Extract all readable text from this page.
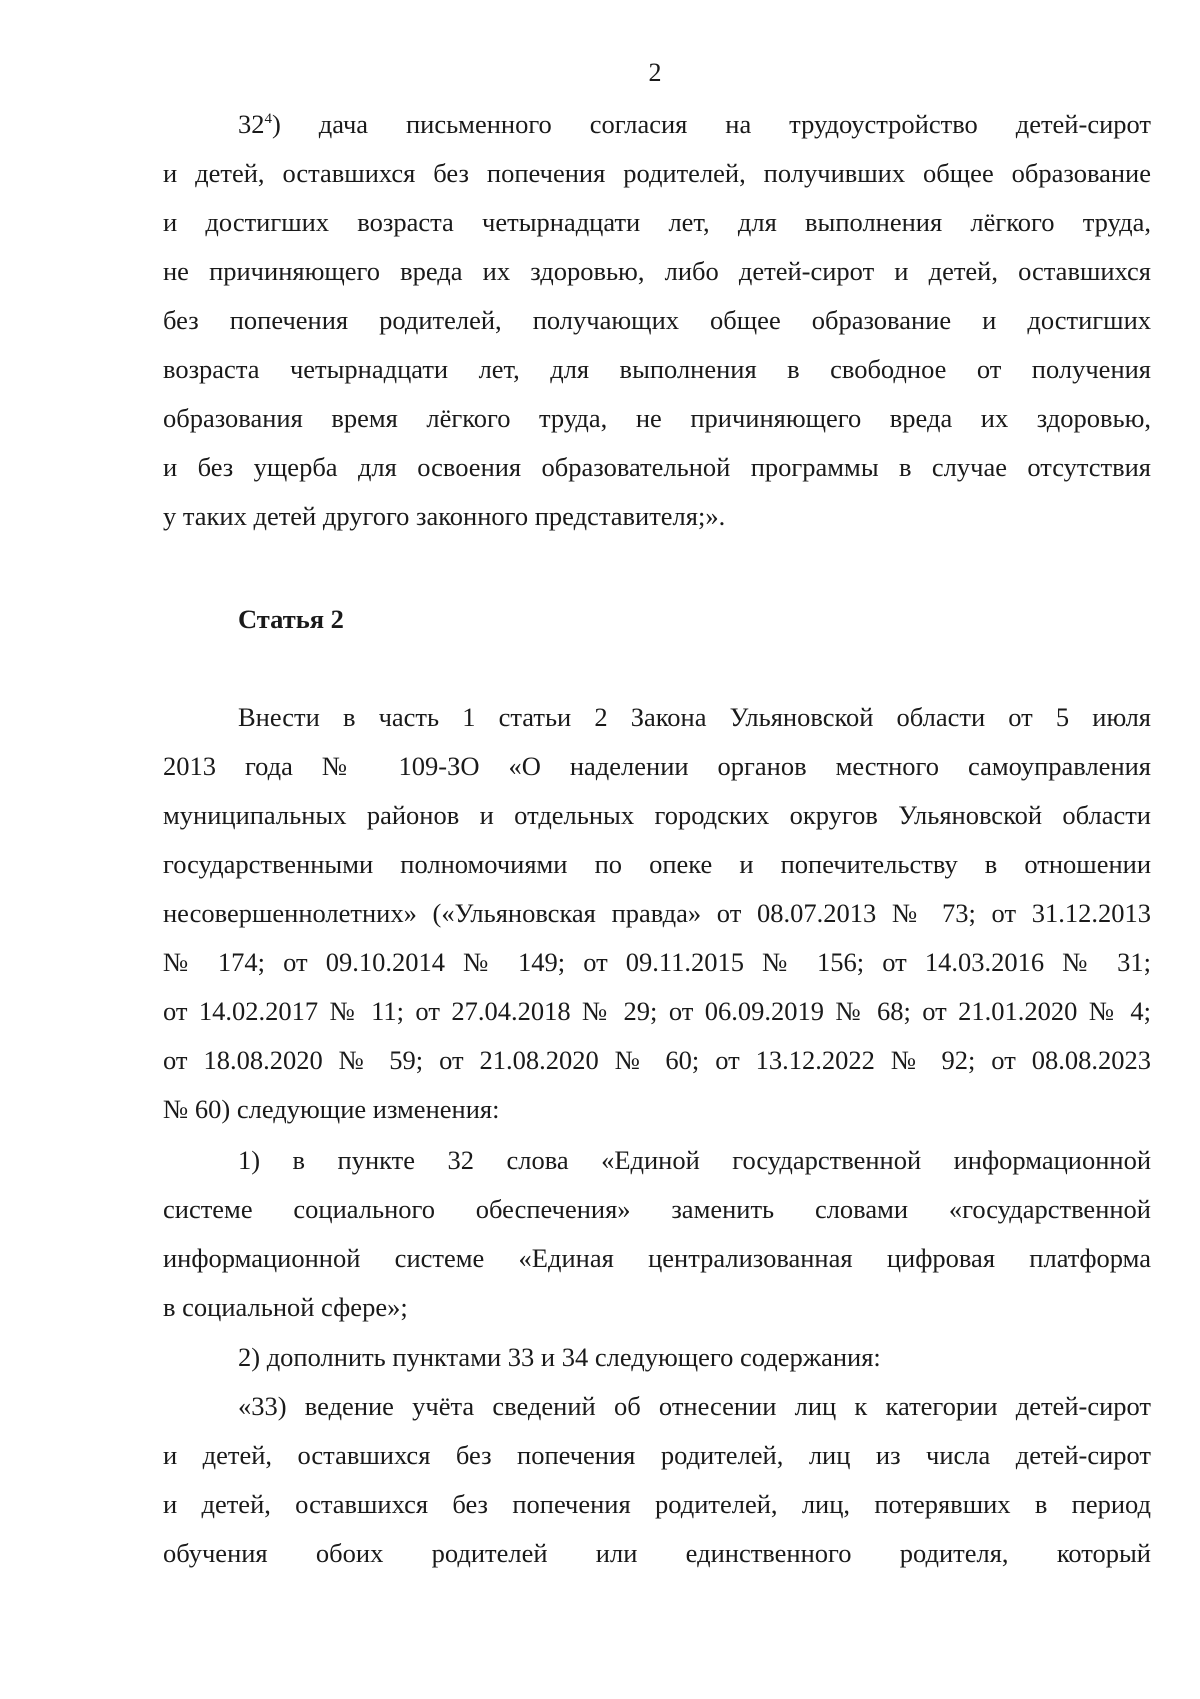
2
$32^4$) дача письменного согласия на трудоустройство детей-сирот
и детей, оставшихся без попечения родителей, получивших общее образование
и достигших возраста четырнадцати лет, для выполнения лёгкого труда,
не причиняющего вреда их здоровью, либо детей-сирот и детей, оставшихся
без попечения родителей, получающих общее образование и достигших
возраста четырнадцати лет, для выполнения в свободное от получения
образования время лёгкого труда, не причиняющего вреда их здоровью,
и без ущерба для освоения образовательной программы в случае отсутствия
у таких детей другого законного представителя;».
Статья 2
Внести в часть 1 статьи 2 Закона Ульяновской области от 5 июля
2013 года № 109-ЗО «О наделении органов местного самоуправления
муниципальных районов и отдельных городских округов Ульяновской области
государственными полномочиями по опеке и попечительству в отношении
несовершеннолетних» («Ульяновская правда» от 08.07.2013 № 73; от 31.12.2013
№ 174; от 09.10.2014 № 149; от 09.11.2015 № 156; от 14.03.2016 № 31;
от 14.02.2017 № 11; от 27.04.2018 № 29; от 06.09.2019 № 68; от 21.01.2020 № 4;
от 18.08.2020 № 59; от 21.08.2020 № 60; от 13.12.2022 № 92; от 08.08.2023
№ 60) следующие изменения:
1) в пункте 32 слова «Единой государственной информационной
системе социального обеспечения» заменить словами «государственной
информационной системе «Единая централизованная цифровая платформа
в социальной сфере»;
2) дополнить пунктами 33 и 34 следующего содержания:
«33) ведение учёта сведений об отнесении лиц к категории детей-сирот
и детей, оставшихся без попечения родителей, лиц из числа детей-сирот
и детей, оставшихся без попечения родителей, лиц, потерявших в период
обучения обоих родителей или единственного родителя, который
